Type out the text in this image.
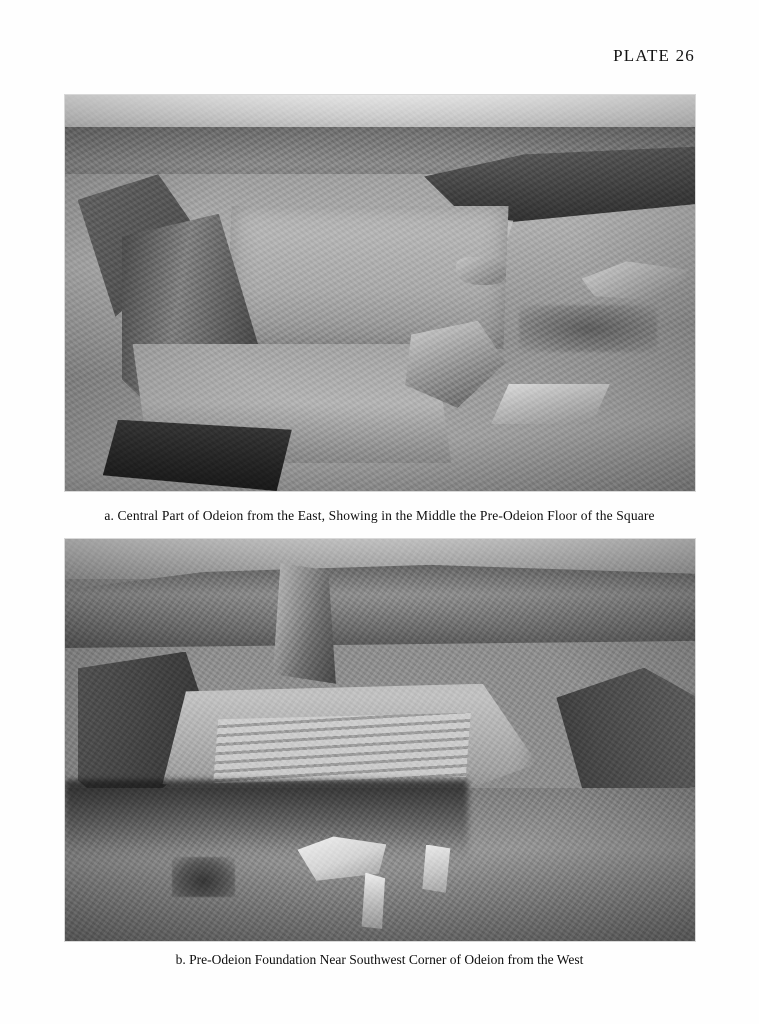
PLATE 26
a. Central Part of Odeion from the East, Showing in the Middle the Pre-Odeion Floor of the Square
b. Pre-Odeion Foundation Near Southwest Corner of Odeion from the West
